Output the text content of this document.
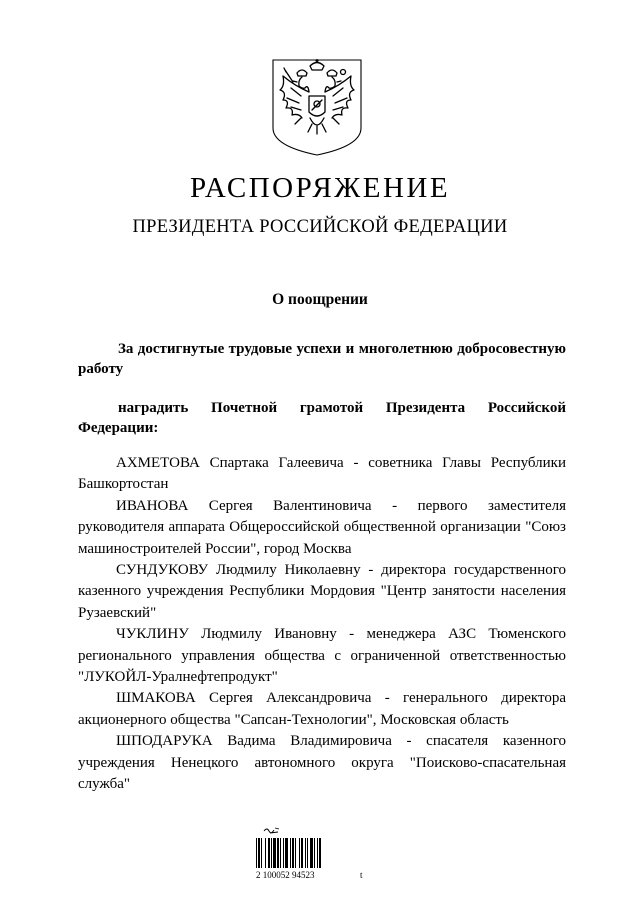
РАСПОРЯЖЕНИЕ
ПРЕЗИДЕНТА РОССИЙСКОЙ ФЕДЕРАЦИИ
О поощрении
За достигнутые трудовые успехи и многолетнюю добросовестную работу
наградить Почетной грамотой Президента Российской Федерации:
АХМЕТОВА Спартака Галеевича - советника Главы Республики Башкортостан
ИВАНОВА Сергея Валентиновича - первого заместителя руководителя аппарата Общероссийской общественной организации "Союз машиностроителей России", город Москва
СУНДУКОВУ Людмилу Николаевну - директора государственного казенного учреждения Республики Мордовия "Центр занятости населения Рузаевский"
ЧУКЛИНУ Людмилу Ивановну - менеджера АЗС Тюменского регионального управления общества с ограниченной ответственностью "ЛУКОЙЛ-Уралнефтепродукт"
ШМАКОВА Сергея Александровича - генерального директора акционерного общества "Сапсан-Технологии", Московская область
ШПОДАРУКА Вадима Владимировича - спасателя казенного учреждения Ненецкого автономного округа "Поисково-спасательная служба"
2 100052 94523	t
